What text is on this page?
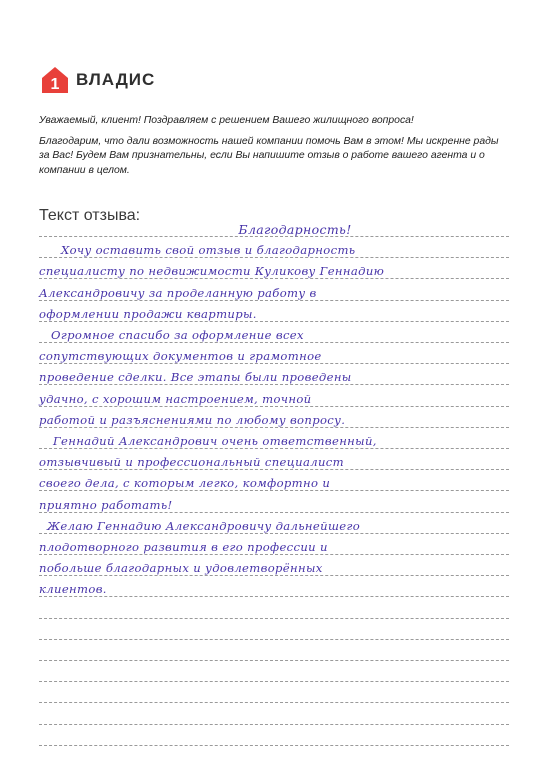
1 ВЛАДИС

Уважаемый, клиент! Поздравляем с решением Вашего жилищного вопроса!

Благодарим, что дали возможность нашей компании помочь Вам в этом! Мы искренне рады за Вас! Будем Вам признательны, если Вы напишите отзыв о работе вашего агента и о компании в целом.

Текст отзыва:
Благодарность!
Хочу оставить свой отзыв и благодарность
специалисту по недвижимости Куликову Геннадию
Александровичу за проделанную работу в
оформлении продажи квартиры.
Огромное спасибо за оформление всех
сопутствующих документов и грамотное
проведение сделки. Все этапы были проведены
удачно, с хорошим настроением, точной
работой и разъяснениями по любому вопросу.
Геннадий Александрович очень ответственный,
отзывчивый и профессиональный специалист
своего дела, с которым легко, комфортно и
приятно работать!
Желаю Геннадию Александровичу дальнейшего
плодотворного развития в его профессии и
побольше благодарных и удовлетворённых
клиентов.
